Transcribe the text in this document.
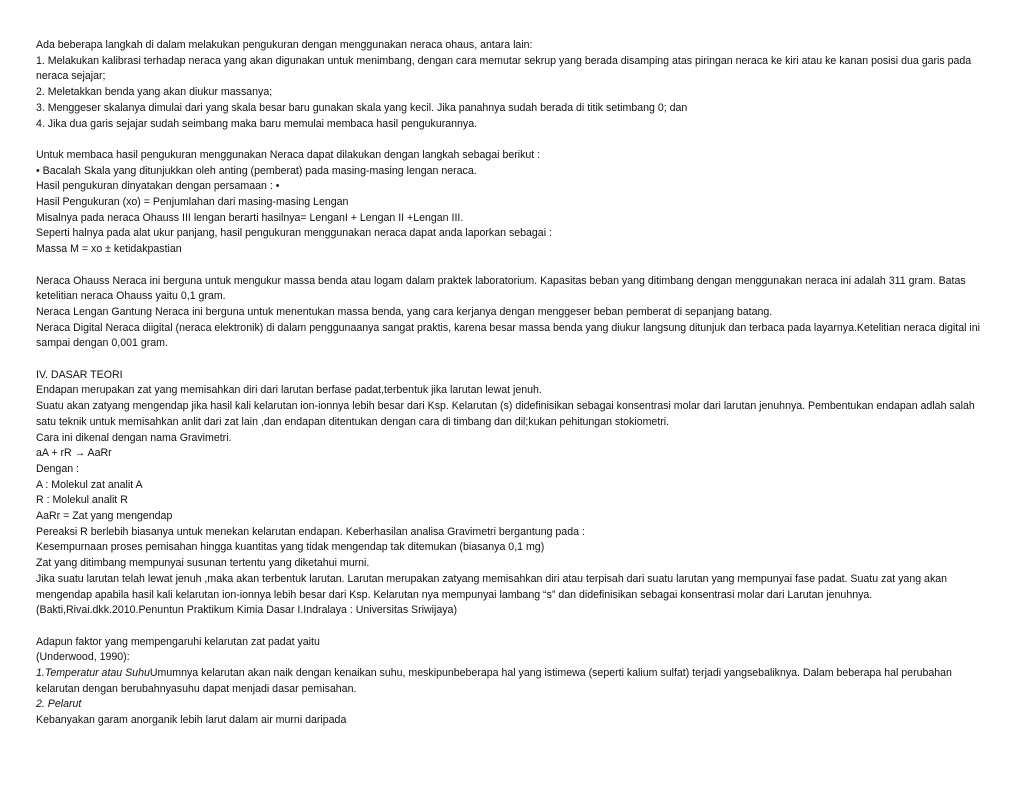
Ada beberapa langkah di dalam melakukan pengukuran dengan menggunakan neraca ohaus, antara lain:

1. Melakukan kalibrasi terhadap neraca yang akan digunakan untuk menimbang, dengan cara memutar sekrup yang berada disamping atas piringan neraca ke kiri atau ke kanan posisi dua garis pada neraca sejajar;

2. Meletakkan benda yang akan diukur massanya;

3. Menggeser skalanya dimulai dari yang skala besar baru gunakan skala yang kecil. Jika panahnya sudah berada di titik setimbang 0; dan

4. Jika dua garis sejajar sudah seimbang maka baru memulai membaca hasil pengukurannya.

Untuk membaca hasil pengukuran menggunakan Neraca dapat dilakukan dengan langkah sebagai berikut :

• Bacalah Skala yang ditunjukkan oleh anting (pemberat) pada masing-masing lengan neraca.

Hasil pengukuran dinyatakan dengan persamaan : •

Hasil Pengukuran (xo) = Penjumlahan dari masing-masing Lengan

Misalnya pada neraca Ohauss III lengan berarti hasilnya= LenganI + Lengan II +Lengan III.

Seperti halnya pada alat ukur panjang, hasil pengukuran menggunakan neraca dapat anda laporkan sebagai :

Massa M = xo ± ketidakpastian

Neraca Ohauss Neraca ini berguna untuk mengukur massa benda atau logam dalam praktek laboratorium. Kapasitas beban yang ditimbang dengan menggunakan neraca ini adalah 311 gram. Batas ketelitian neraca Ohauss yaitu 0,1 gram.

Neraca Lengan Gantung Neraca ini berguna untuk menentukan massa benda, yang cara kerjanya dengan menggeser beban pemberat di sepanjang batang.

Neraca Digital Neraca diigital (neraca elektronik) di dalam penggunaanya sangat praktis, karena besar massa benda yang diukur langsung ditunjuk dan terbaca pada layarnya.Ketelitian neraca digital ini sampai dengan 0,001 gram.

IV. DASAR TEORI

Endapan merupakan zat yang memisahkan diri dari larutan berfase padat,terbentuk jika larutan lewat jenuh.

Suatu akan zatyang mengendap jika hasil kali kelarutan ion-ionnya lebih besar dari Ksp. Kelarutan (s) didefinisikan sebagai konsentrasi molar dari larutan jenuhnya. Pembentukan endapan adlah salah satu teknik untuk memisahkan anlit dari zat lain ,dan endapan ditentukan dengan cara di timbang dan dil;kukan pehitungan stokiometri.

Cara ini dikenal dengan nama Gravimetri.

aA + rR → AaRr

Dengan :

A : Molekul zat analit A

R : Molekul analit R

AaRr = Zat yang mengendap

Pereaksi R berlebih biasanya untuk menekan kelarutan endapan. Keberhasilan analisa Gravimetri bergantung pada :

Kesempurnaan proses pemisahan hingga kuantitas yang tidak mengendap tak ditemukan (biasanya 0,1 mg)

Zat yang ditimbang mempunyai susunan tertentu yang diketahui murni.

Jika suatu larutan telah lewat jenuh ,maka akan terbentuk larutan. Larutan merupakan zatyang memisahkan diri atau terpisah dari suatu larutan yang mempunyai fase padat. Suatu zat yang akan mengendap apabila hasil kali kelarutan ion-ionnya lebih besar dari Ksp. Kelarutan nya mempunyai lambang “s” dan didefinisikan sebagai konsentrasi molar dari Larutan jenuhnya.

(Bakti,Rivai.dkk.2010.Penuntun Praktikum Kimia Dasar I.Indralaya : Universitas Sriwijaya)

Adapun faktor yang mempengaruhi kelarutan zat padat yaitu

(Underwood, 1990):

1.Temperatur atau SuhuUmumnya kelarutan akan naik dengan kenaikan suhu, meskipunbeberapa hal yang istimewa (seperti kalium sulfat) terjadi yangsebaliknya. Dalam beberapa hal perubahan kelarutan dengan berubahnyasuhu dapat menjadi dasar pemisahan.

2. Pelarut

Kebanyakan garam anorganik lebih larut dalam air murni daripada
